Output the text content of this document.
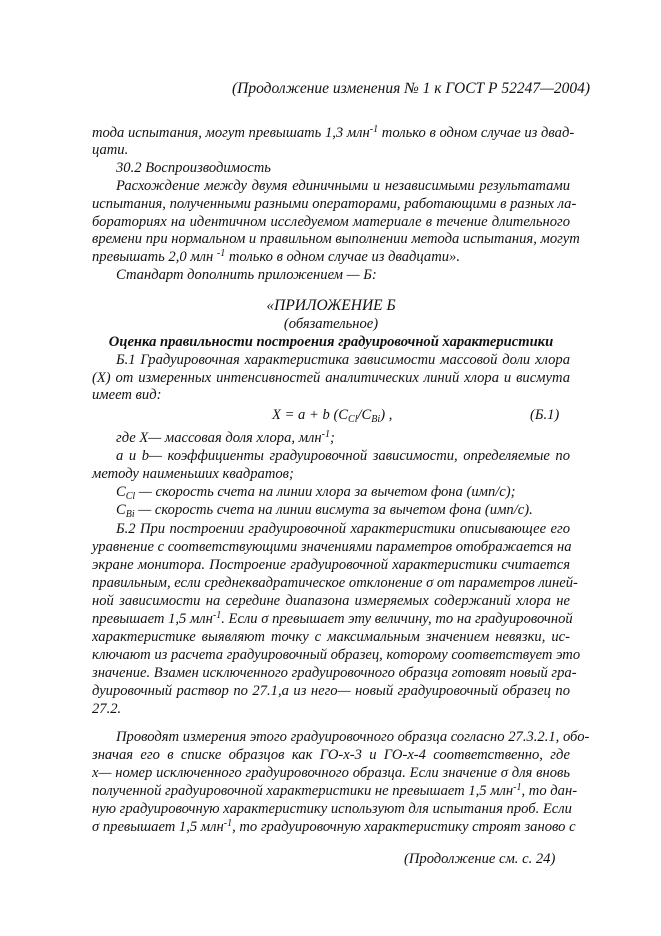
(Продолжение изменения № 1 к ГОСТ Р 52247—2004)
тода испытания, могут превышать 1,3 млн$^{-1}$ только в одном случае из двад-
цати.
30.2 Воспроизводимость
Расхождение между двумя единичными и независимыми результатами
испытания, полученными разными операторами, работающими в разных ла-
бораториях на идентичном исследуемом материале в течение длительного
времени при нормальном и правильном выполнении метода испытания, могут
превышать 2,0 млн $^{-1}$ только в одном случае из двадцати».
Стандарт дополнить приложением — Б:
«ПРИЛОЖЕНИЕ Б
(обязательное)
Оценка правильности построения градуировочной характеристики
Б.1 Градуировочная характеристика зависимости массовой доли хлора
(X) от измеренных интенсивностей аналитических линий хлора и висмута
имеет вид:
X = a + b $(C_{Cl}/C_{Bi})$ ,	(Б.1)
где X— массовая доля хлора, млн$^{-1}$;
a и b— коэффициенты градуировочной зависимости, определяемые по
методу наименьших квадратов;
$C_{Cl}$ — скорость счета на линии хлора за вычетом фона (имп/с);
$C_{Bi}$ — скорость счета на линии висмута за вычетом фона (имп/с).
Б.2 При построении градуировочной характеристики описывающее его
уравнение с соответствующими значениями параметров отображается на
экране монитора. Построение градуировочной характеристики считается
правильным, если среднеквадратическое отклонение σ от параметров линей-
ной зависимости на середине диапазона измеряемых содержаний хлора не
превышает 1,5 млн$^{-1}$. Если σ превышает эту величину, то на градуировочной
характеристике выявляют точку с максимальным значением невязки, ис-
ключают из расчета градуировочный образец, которому соответствует это
значение. Взамен исключенного градуировочного образца готовят новый гра-
дуировочный раствор по 27.1,а из него— новый градуировочный образец по
27.2.
Проводят измерения этого градуировочного образца согласно 27.3.2.1, обо-
значая его в списке образцов как ГО-х-3 и ГО-х-4 соответственно, где
х— номер исключенного градуировочного образца. Если значение σ для вновь
полученной градуировочной характеристики не превышает 1,5 млн$^{-1}$, то дан-
ную градуировочную характеристику используют для испытания проб. Если
σ превышает 1,5 млн$^{-1}$, то градуировочную характеристику строят заново с
(Продолжение см. с. 24)
